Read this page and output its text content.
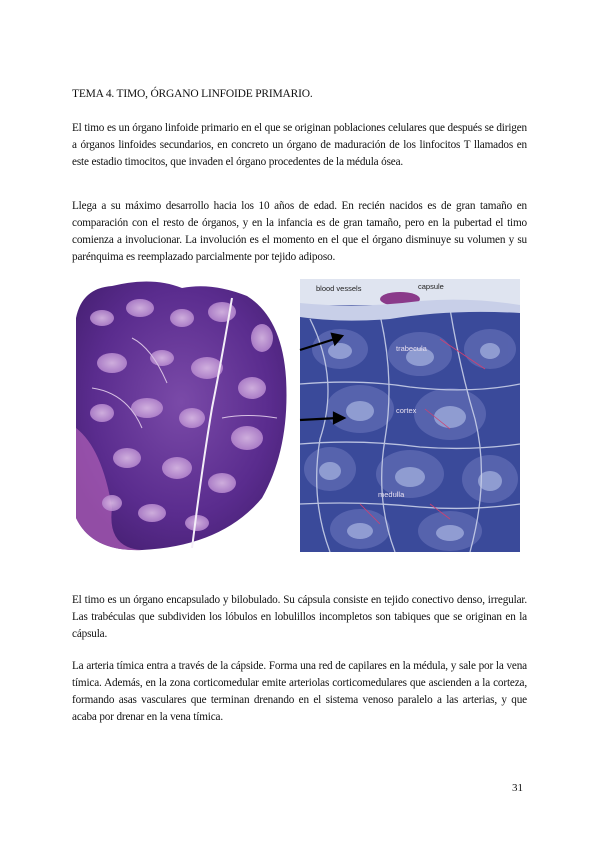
TEMA 4. TIMO, ÓRGANO LINFOIDE PRIMARIO.
El timo es un órgano linfoide primario en el que se originan poblaciones celulares que después se dirigen a órganos linfoides secundarios, en concreto un órgano de maduración de los linfocitos T llamados en este estadio timocitos, que invaden el órgano procedentes de la médula ósea.
Llega a su máximo desarrollo hacia los 10 años de edad. En recién nacidos es de gran tamaño en comparación con el resto de órganos, y en la infancia es de gran tamaño, pero en la pubertad el timo comienza a involucionar. La involución es el momento en el que el órgano disminuye su volumen y su parénquima es reemplazado parcialmente por tejido adiposo.
blood vessels	capsule
trabecula
cortex
medulla
El timo es un órgano encapsulado y bilobulado. Su cápsula consiste en tejido conectivo denso, irregular. Las trabéculas que subdividen los lóbulos en lobulillos incompletos son tabiques que se originan en la cápsula.
La arteria tímica entra a través de la cápside. Forma una red de capilares en la médula, y sale por la vena tímica. Además, en la zona corticomedular emite arteriolas corticomedulares que ascienden a la corteza, formando asas vasculares que terminan drenando en el sistema venoso paralelo a las arterias, y que acaba por drenar en la vena tímica.
31
